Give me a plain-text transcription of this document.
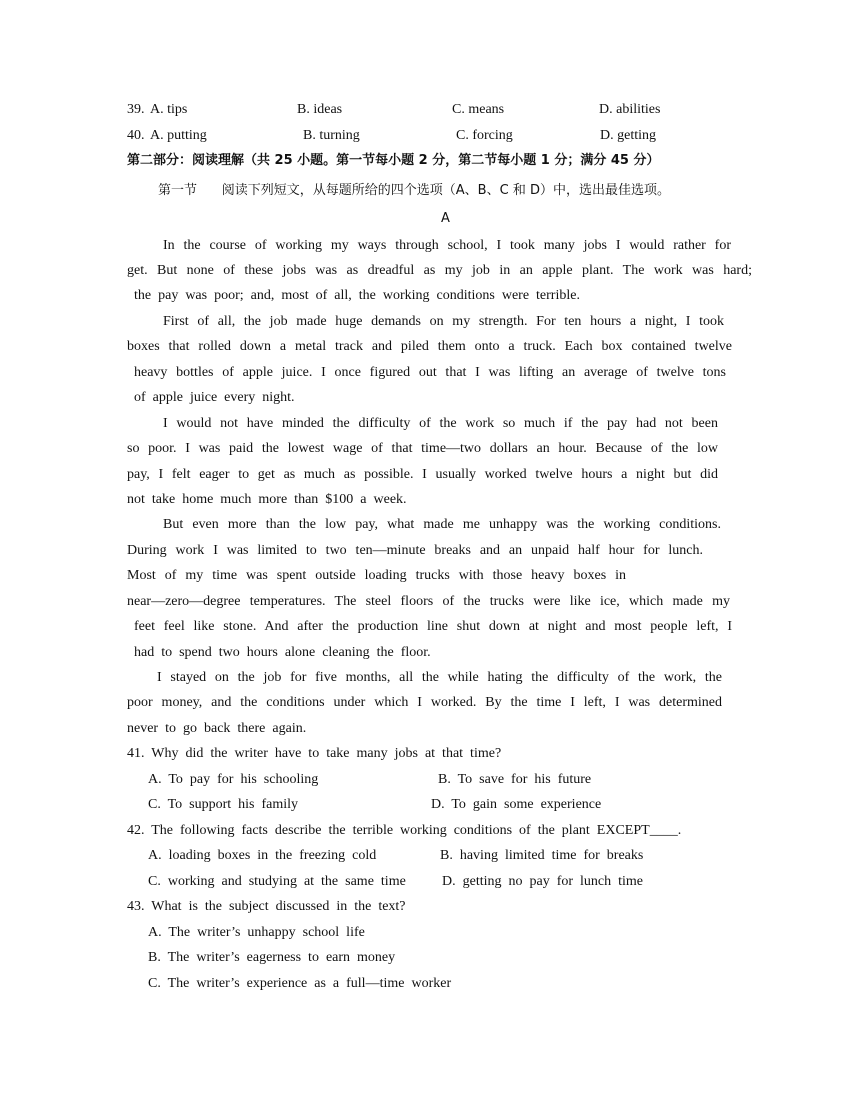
39. A. tips	B. ideas	C. means	D. abilities
40. A. putting	B. turning	C. forcing	D. getting
第二部分：阅读理解（共 25 小题。第一节每小题 2 分，第二节每小题 1 分；满分 45 分）
第一节      阅读下列短文，从每题所给的四个选项（A、B、C 和 D）中，选出最佳选项。
A
In the course of working my ways through school, I took many jobs I would rather for
get. But none of these jobs was as dreadful as my job in an apple plant. The work was hard;
the  pay  was  poor;  and,  most  of  all,  the  working  conditions  were  terrible.
First of all, the job made huge demands on my strength. For ten hours a night, I took
boxes that rolled down a metal track and piled them onto a truck. Each box contained twelve
heavy bottles of apple juice. I once figured out that I was lifting an average of twelve tons
of  apple  juice  every  night.
I would not have minded the difficulty of the work so much if the pay had not been
so poor. I was paid the lowest wage of that time—two dollars an hour. Because of the low
pay, I felt eager to get as much as possible. I usually worked twelve hours a night but did
not  take  home  much  more  than  $100  a  week.
But even more than the low pay, what made me unhappy was the working conditions.
During work I was limited to two ten—minute breaks and an unpaid half hour for lunch.
Most of my time was spent outside loading trucks with those heavy boxes in
near—zero—degree temperatures. The steel floors of the trucks were like ice, which made my
feet feel like stone. And after the production line shut down at night and most people left, I
had  to  spend  two  hours  alone  cleaning  the  floor.
I stayed on the job for five months, all the while hating the difficulty of the work, the
poor money, and the conditions under which I worked. By the time I left, I was determined
never  to  go  back  there  again.
41.  Why  did  the  writer  have  to  take  many  jobs  at  that  time?
A.  To  pay  for  his  schooling	B.  To  save  for  his  future
C.  To  support  his  family	D.  To  gain  some  experience
42.  The  following  facts  describe  the  terrible  working  conditions  of  the  plant  EXCEPT____.
A.  loading  boxes  in  the  freezing  cold	B.  having  limited  time  for  breaks
C.  working  and  studying  at  the  same  time	D.  getting  no  pay  for  lunch  time
43.  What  is  the  subject  discussed  in  the  text?
A.  The  writer’s  unhappy  school  life
B.  The  writer’s  eagerness  to  earn  money
C.  The  writer’s  experience  as  a  full—time  worker
